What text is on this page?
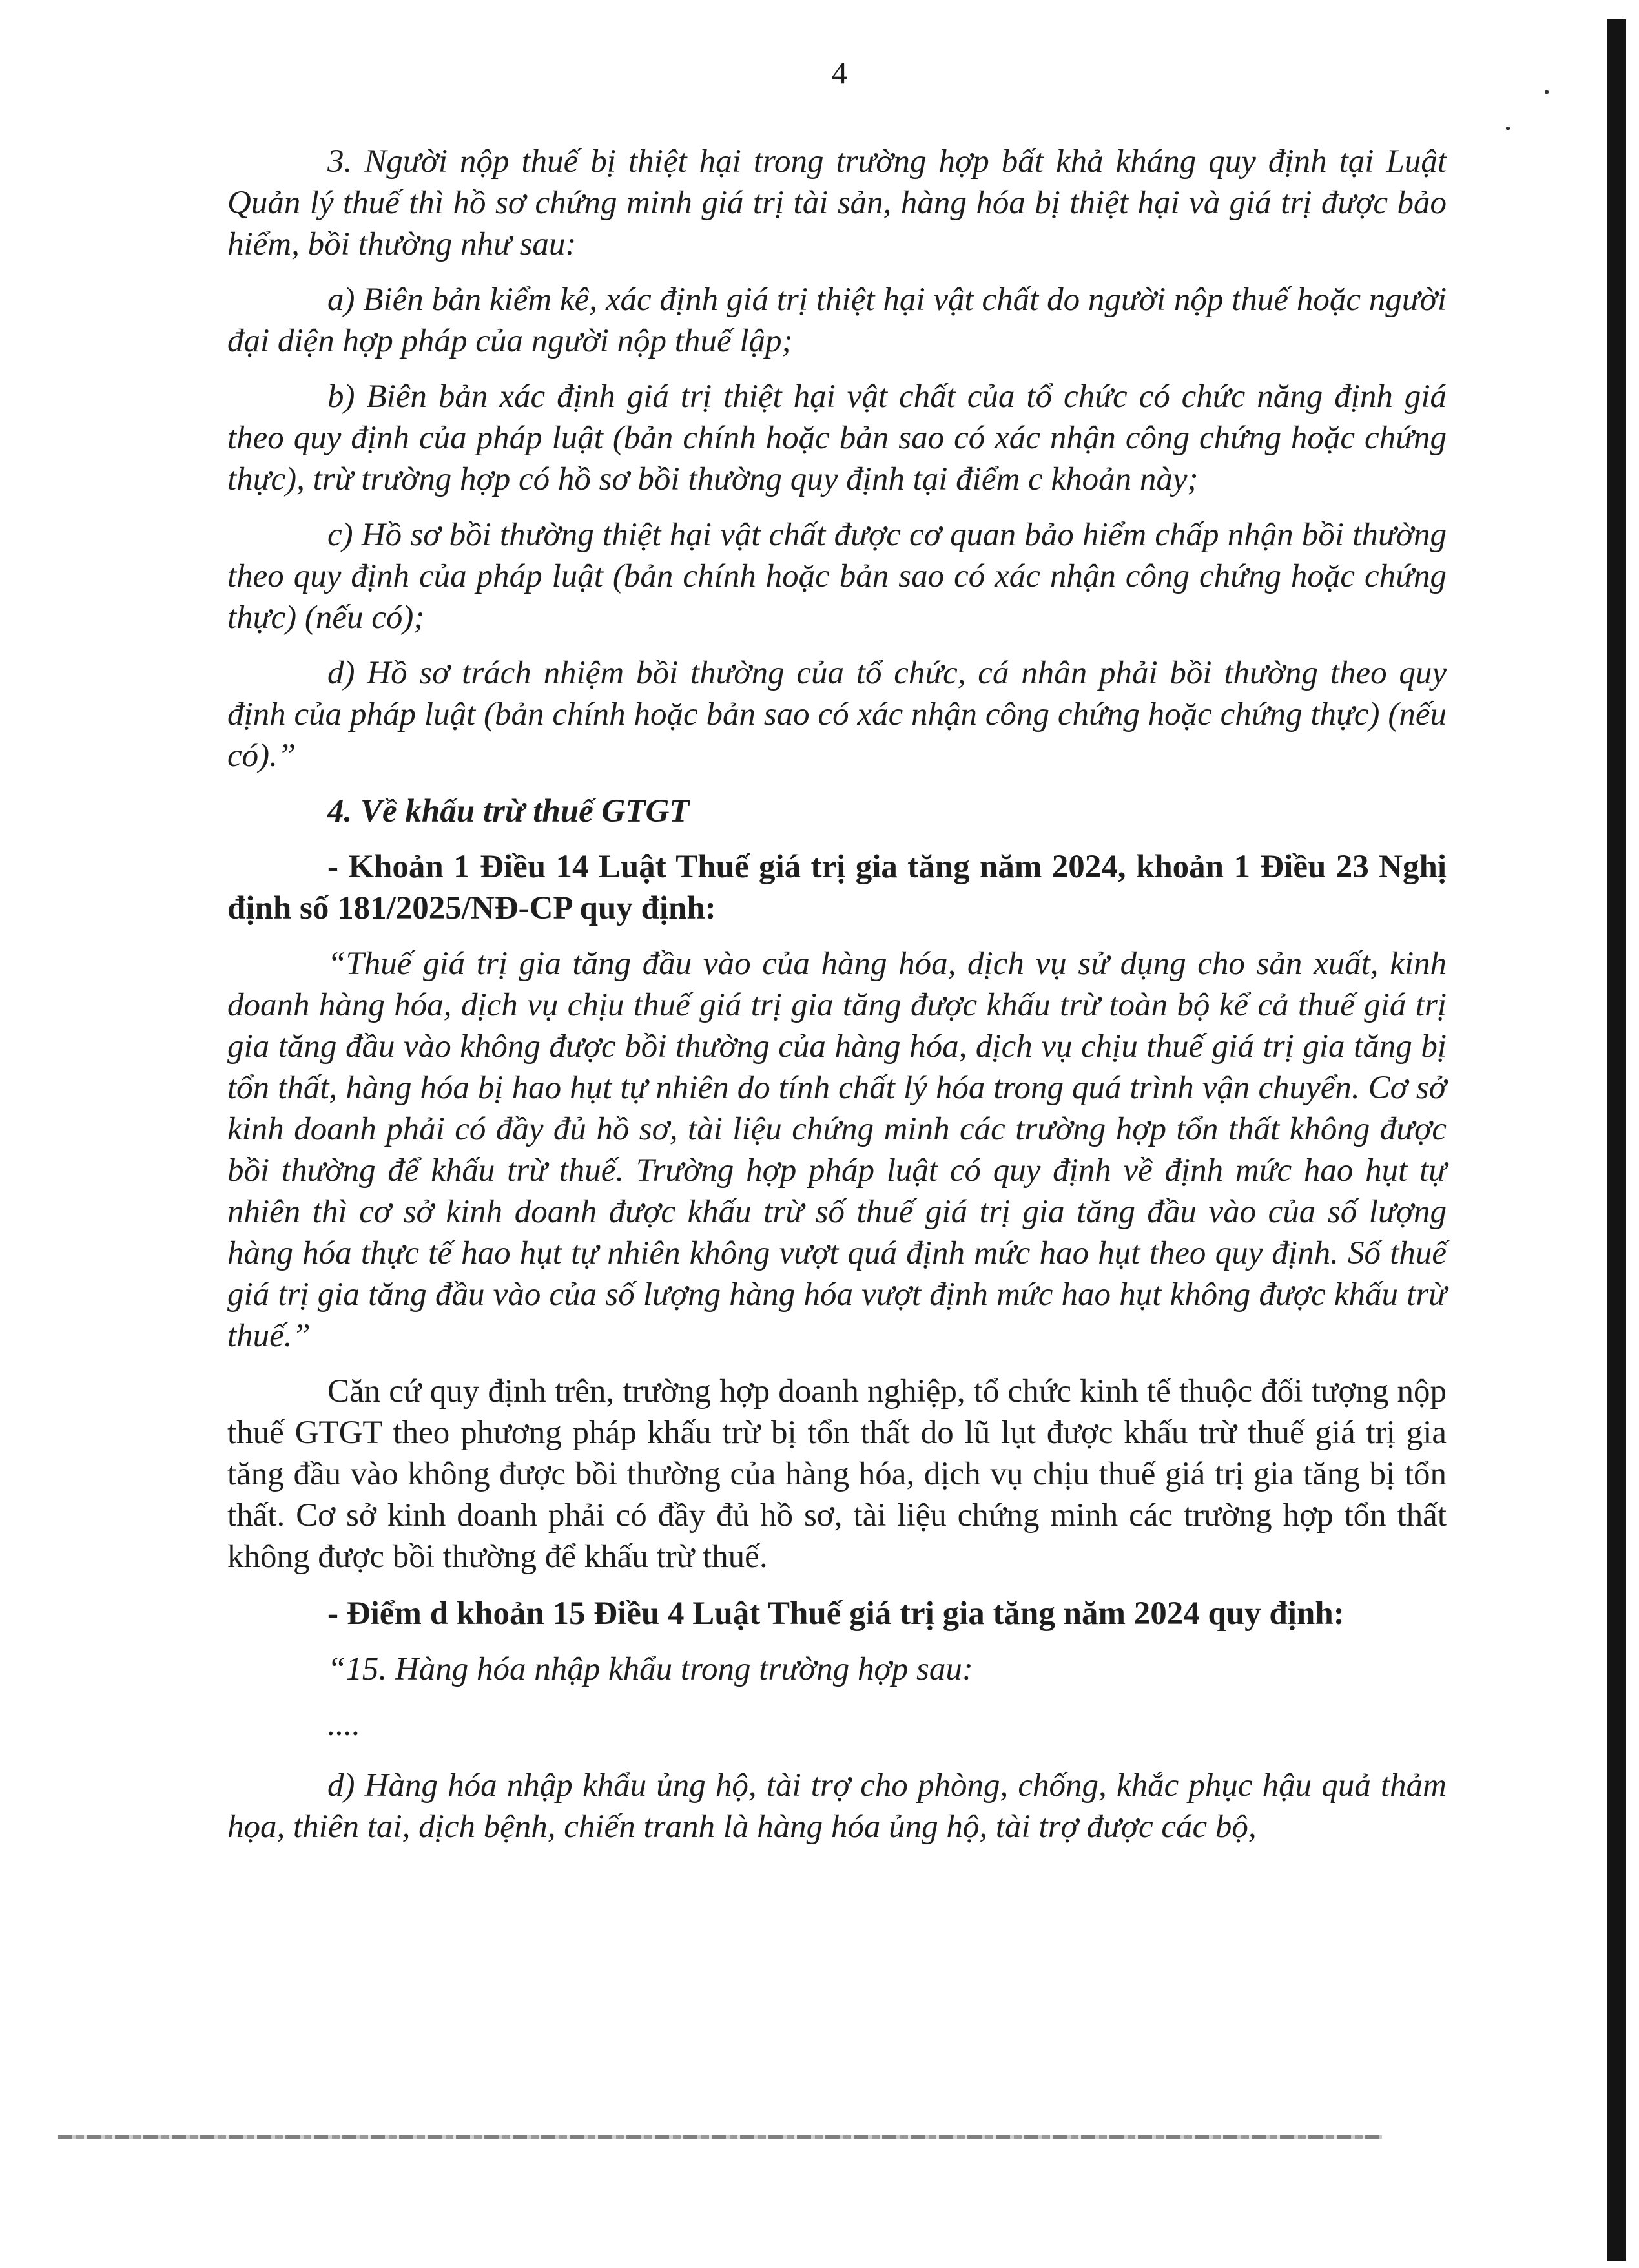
4

3. Người nộp thuế bị thiệt hại trong trường hợp bất khả kháng quy định tại Luật Quản lý thuế thì hồ sơ chứng minh giá trị tài sản, hàng hóa bị thiệt hại và giá trị được bảo hiểm, bồi thường như sau:

a) Biên bản kiểm kê, xác định giá trị thiệt hại vật chất do người nộp thuế hoặc người đại diện hợp pháp của người nộp thuế lập;

b) Biên bản xác định giá trị thiệt hại vật chất của tổ chức có chức năng định giá theo quy định của pháp luật (bản chính hoặc bản sao có xác nhận công chứng hoặc chứng thực), trừ trường hợp có hồ sơ bồi thường quy định tại điểm c khoản này;

c) Hồ sơ bồi thường thiệt hại vật chất được cơ quan bảo hiểm chấp nhận bồi thường theo quy định của pháp luật (bản chính hoặc bản sao có xác nhận công chứng hoặc chứng thực) (nếu có);

d) Hồ sơ trách nhiệm bồi thường của tổ chức, cá nhân phải bồi thường theo quy định của pháp luật (bản chính hoặc bản sao có xác nhận công chứng hoặc chứng thực) (nếu có).”

4. Về khấu trừ thuế GTGT

- Khoản 1 Điều 14 Luật Thuế giá trị gia tăng năm 2024, khoản 1 Điều 23 Nghị định số 181/2025/NĐ-CP quy định:

“Thuế giá trị gia tăng đầu vào của hàng hóa, dịch vụ sử dụng cho sản xuất, kinh doanh hàng hóa, dịch vụ chịu thuế giá trị gia tăng được khấu trừ toàn bộ kể cả thuế giá trị gia tăng đầu vào không được bồi thường của hàng hóa, dịch vụ chịu thuế giá trị gia tăng bị tổn thất, hàng hóa bị hao hụt tự nhiên do tính chất lý hóa trong quá trình vận chuyển. Cơ sở kinh doanh phải có đầy đủ hồ sơ, tài liệu chứng minh các trường hợp tổn thất không được bồi thường để khấu trừ thuế. Trường hợp pháp luật có quy định về định mức hao hụt tự nhiên thì cơ sở kinh doanh được khấu trừ số thuế giá trị gia tăng đầu vào của số lượng hàng hóa thực tế hao hụt tự nhiên không vượt quá định mức hao hụt theo quy định. Số thuế giá trị gia tăng đầu vào của số lượng hàng hóa vượt định mức hao hụt không được khấu trừ thuế.”

Căn cứ quy định trên, trường hợp doanh nghiệp, tổ chức kinh tế thuộc đối tượng nộp thuế GTGT theo phương pháp khấu trừ bị tổn thất do lũ lụt được khấu trừ thuế giá trị gia tăng đầu vào không được bồi thường của hàng hóa, dịch vụ chịu thuế giá trị gia tăng bị tổn thất. Cơ sở kinh doanh phải có đầy đủ hồ sơ, tài liệu chứng minh các trường hợp tổn thất không được bồi thường để khấu trừ thuế.

- Điểm d khoản 15 Điều 4 Luật Thuế giá trị gia tăng năm 2024 quy định:

“15. Hàng hóa nhập khẩu trong trường hợp sau:

....

d) Hàng hóa nhập khẩu ủng hộ, tài trợ cho phòng, chống, khắc phục hậu quả thảm họa, thiên tai, dịch bệnh, chiến tranh là hàng hóa ủng hộ, tài trợ được các bộ,
